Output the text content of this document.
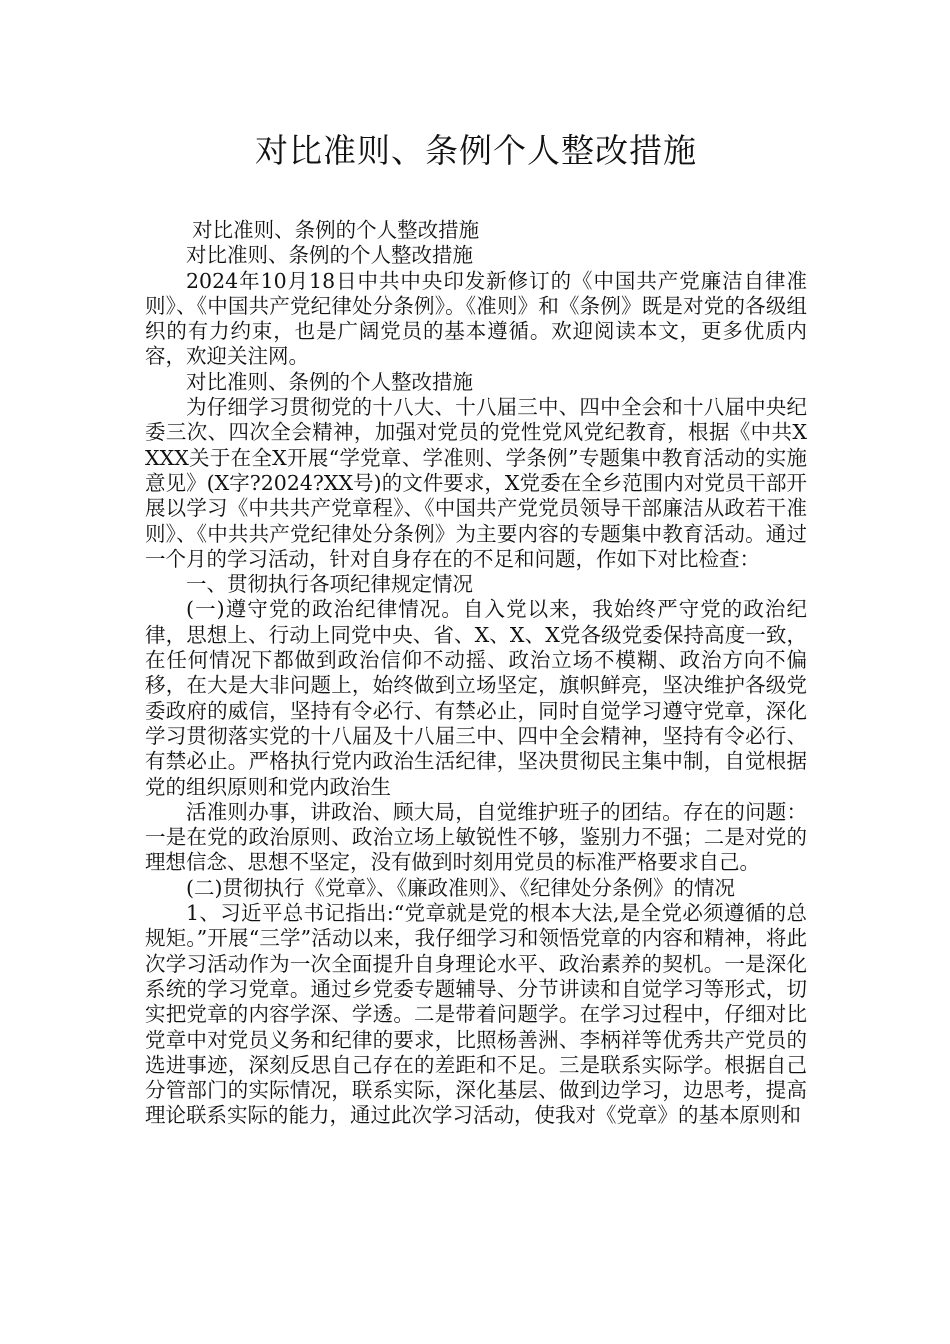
对比准则、条例个人整改措施

对比准则、条例的个人整改措施

对比准则、条例的个人整改措施

2024年10月18日中共中央印发新修订的《中国共产党廉洁自律准则》、《中国共产党纪律处分条例》。《准则》和《条例》既是对党的各级组织的有力约束，也是广阔党员的基本遵循。欢迎阅读本文，更多优质内容，欢迎关注网。

对比准则、条例的个人整改措施

为仔细学习贯彻党的十八大、十八届三中、四中全会和十八届中央纪委三次、四次全会精神，加强对党员的党性党风党纪教育，根据《中共XXXX关于在全X开展“学党章、学准则、学条例”专题集中教育活动的实施意见》(X字?2024?XX号)的文件要求，X党委在全乡范围内对党员干部开展以学习《中共共产党章程》、《中国共产党党员领导干部廉洁从政若干准则》、《中共共产党纪律处分条例》为主要内容的专题集中教育活动。通过一个月的学习活动，针对自身存在的不足和问题，作如下对比检查：

一、贯彻执行各项纪律规定情况

(一)遵守党的政治纪律情况。自入党以来，我始终严守党的政治纪律，思想上、行动上同党中央、省、X、X、X党各级党委保持高度一致，在任何情况下都做到政治信仰不动摇、政治立场不模糊、政治方向不偏移，在大是大非问题上，始终做到立场坚定，旗帜鲜亮，坚决维护各级党委政府的威信，坚持有令必行、有禁必止，同时自觉学习遵守党章，深化学习贯彻落实党的十八届及十八届三中、四中全会精神，坚持有令必行、有禁必止。严格执行党内政治生活纪律，坚决贯彻民主集中制，自觉根据党的组织原则和党内政治生

活准则办事，讲政治、顾大局，自觉维护班子的团结。存在的问题：一是在党的政治原则、政治立场上敏锐性不够，鉴别力不强；二是对党的理想信念、思想不坚定，没有做到时刻用党员的标准严格要求自己。

(二)贯彻执行《党章》、《廉政准则》、《纪律处分条例》的情况

1、习近平总书记指出:“党章就是党的根本大法,是全党必须遵循的总规矩。”开展“三学”活动以来，我仔细学习和领悟党章的内容和精神，将此次学习活动作为一次全面提升自身理论水平、政治素养的契机。一是深化系统的学习党章。通过乡党委专题辅导、分节讲读和自觉学习等形式，切实把党章的内容学深、学透。二是带着问题学。在学习过程中，仔细对比党章中对党员义务和纪律的要求，比照杨善洲、李柄祥等优秀共产党员的选进事迹，深刻反思自己存在的差距和不足。三是联系实际学。根据自己分管部门的实际情况，联系实际，深化基层、做到边学习，边思考，提高理论联系实际的能力，通过此次学习活动，使我对《党章》的基本原则和
